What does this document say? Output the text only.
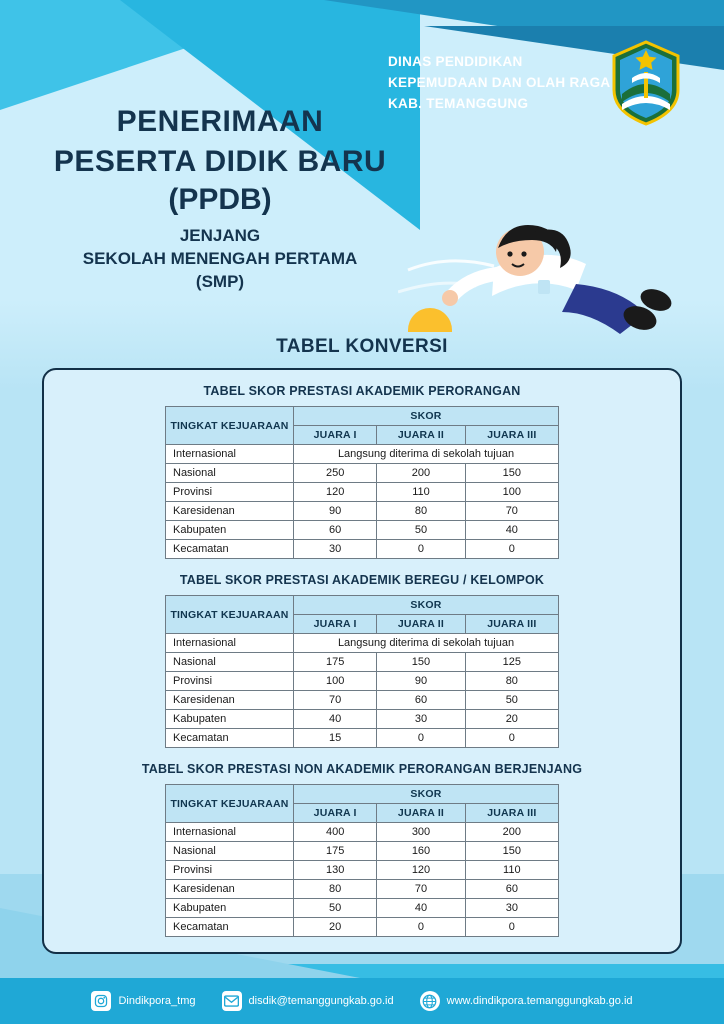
DINAS PENDIDIKAN
KEPEMUDAAN DAN OLAH RAGA
KAB. TEMANGGUNG
PENERIMAAN
PESERTA DIDIK BARU
(PPDB)
JENJANG
SEKOLAH MENENGAH PERTAMA
(SMP)
TABEL KONVERSI
TABEL SKOR PRESTASI AKADEMIK PERORANGAN
TINGKAT KEJUARAAN	SKOR		
	JUARA I	JUARA II	JUARA III
Internasional	Langsung diterima di sekolah tujuan		
Nasional	250	200	150
Provinsi	120	110	100
Karesidenan	90	80	70
Kabupaten	60	50	40
Kecamatan	30	0	0
TABEL SKOR PRESTASI AKADEMIK BEREGU / KELOMPOK
TINGKAT KEJUARAAN	SKOR		
	JUARA I	JUARA II	JUARA III
Internasional	Langsung diterima di sekolah tujuan		
Nasional	175	150	125
Provinsi	100	90	80
Karesidenan	70	60	50
Kabupaten	40	30	20
Kecamatan	15	0	0
TABEL SKOR PRESTASI NON AKADEMIK PERORANGAN BERJENJANG
TINGKAT KEJUARAAN	SKOR		
	JUARA I	JUARA II	JUARA III
Internasional	400	300	200
Nasional	175	160	150
Provinsi	130	120	110
Karesidenan	80	70	60
Kabupaten	50	40	30
Kecamatan	20	0	0
Dindikpora_tmg	disdik@temanggungkab.go.id	www.dindikpora.temanggungkab.go.id
